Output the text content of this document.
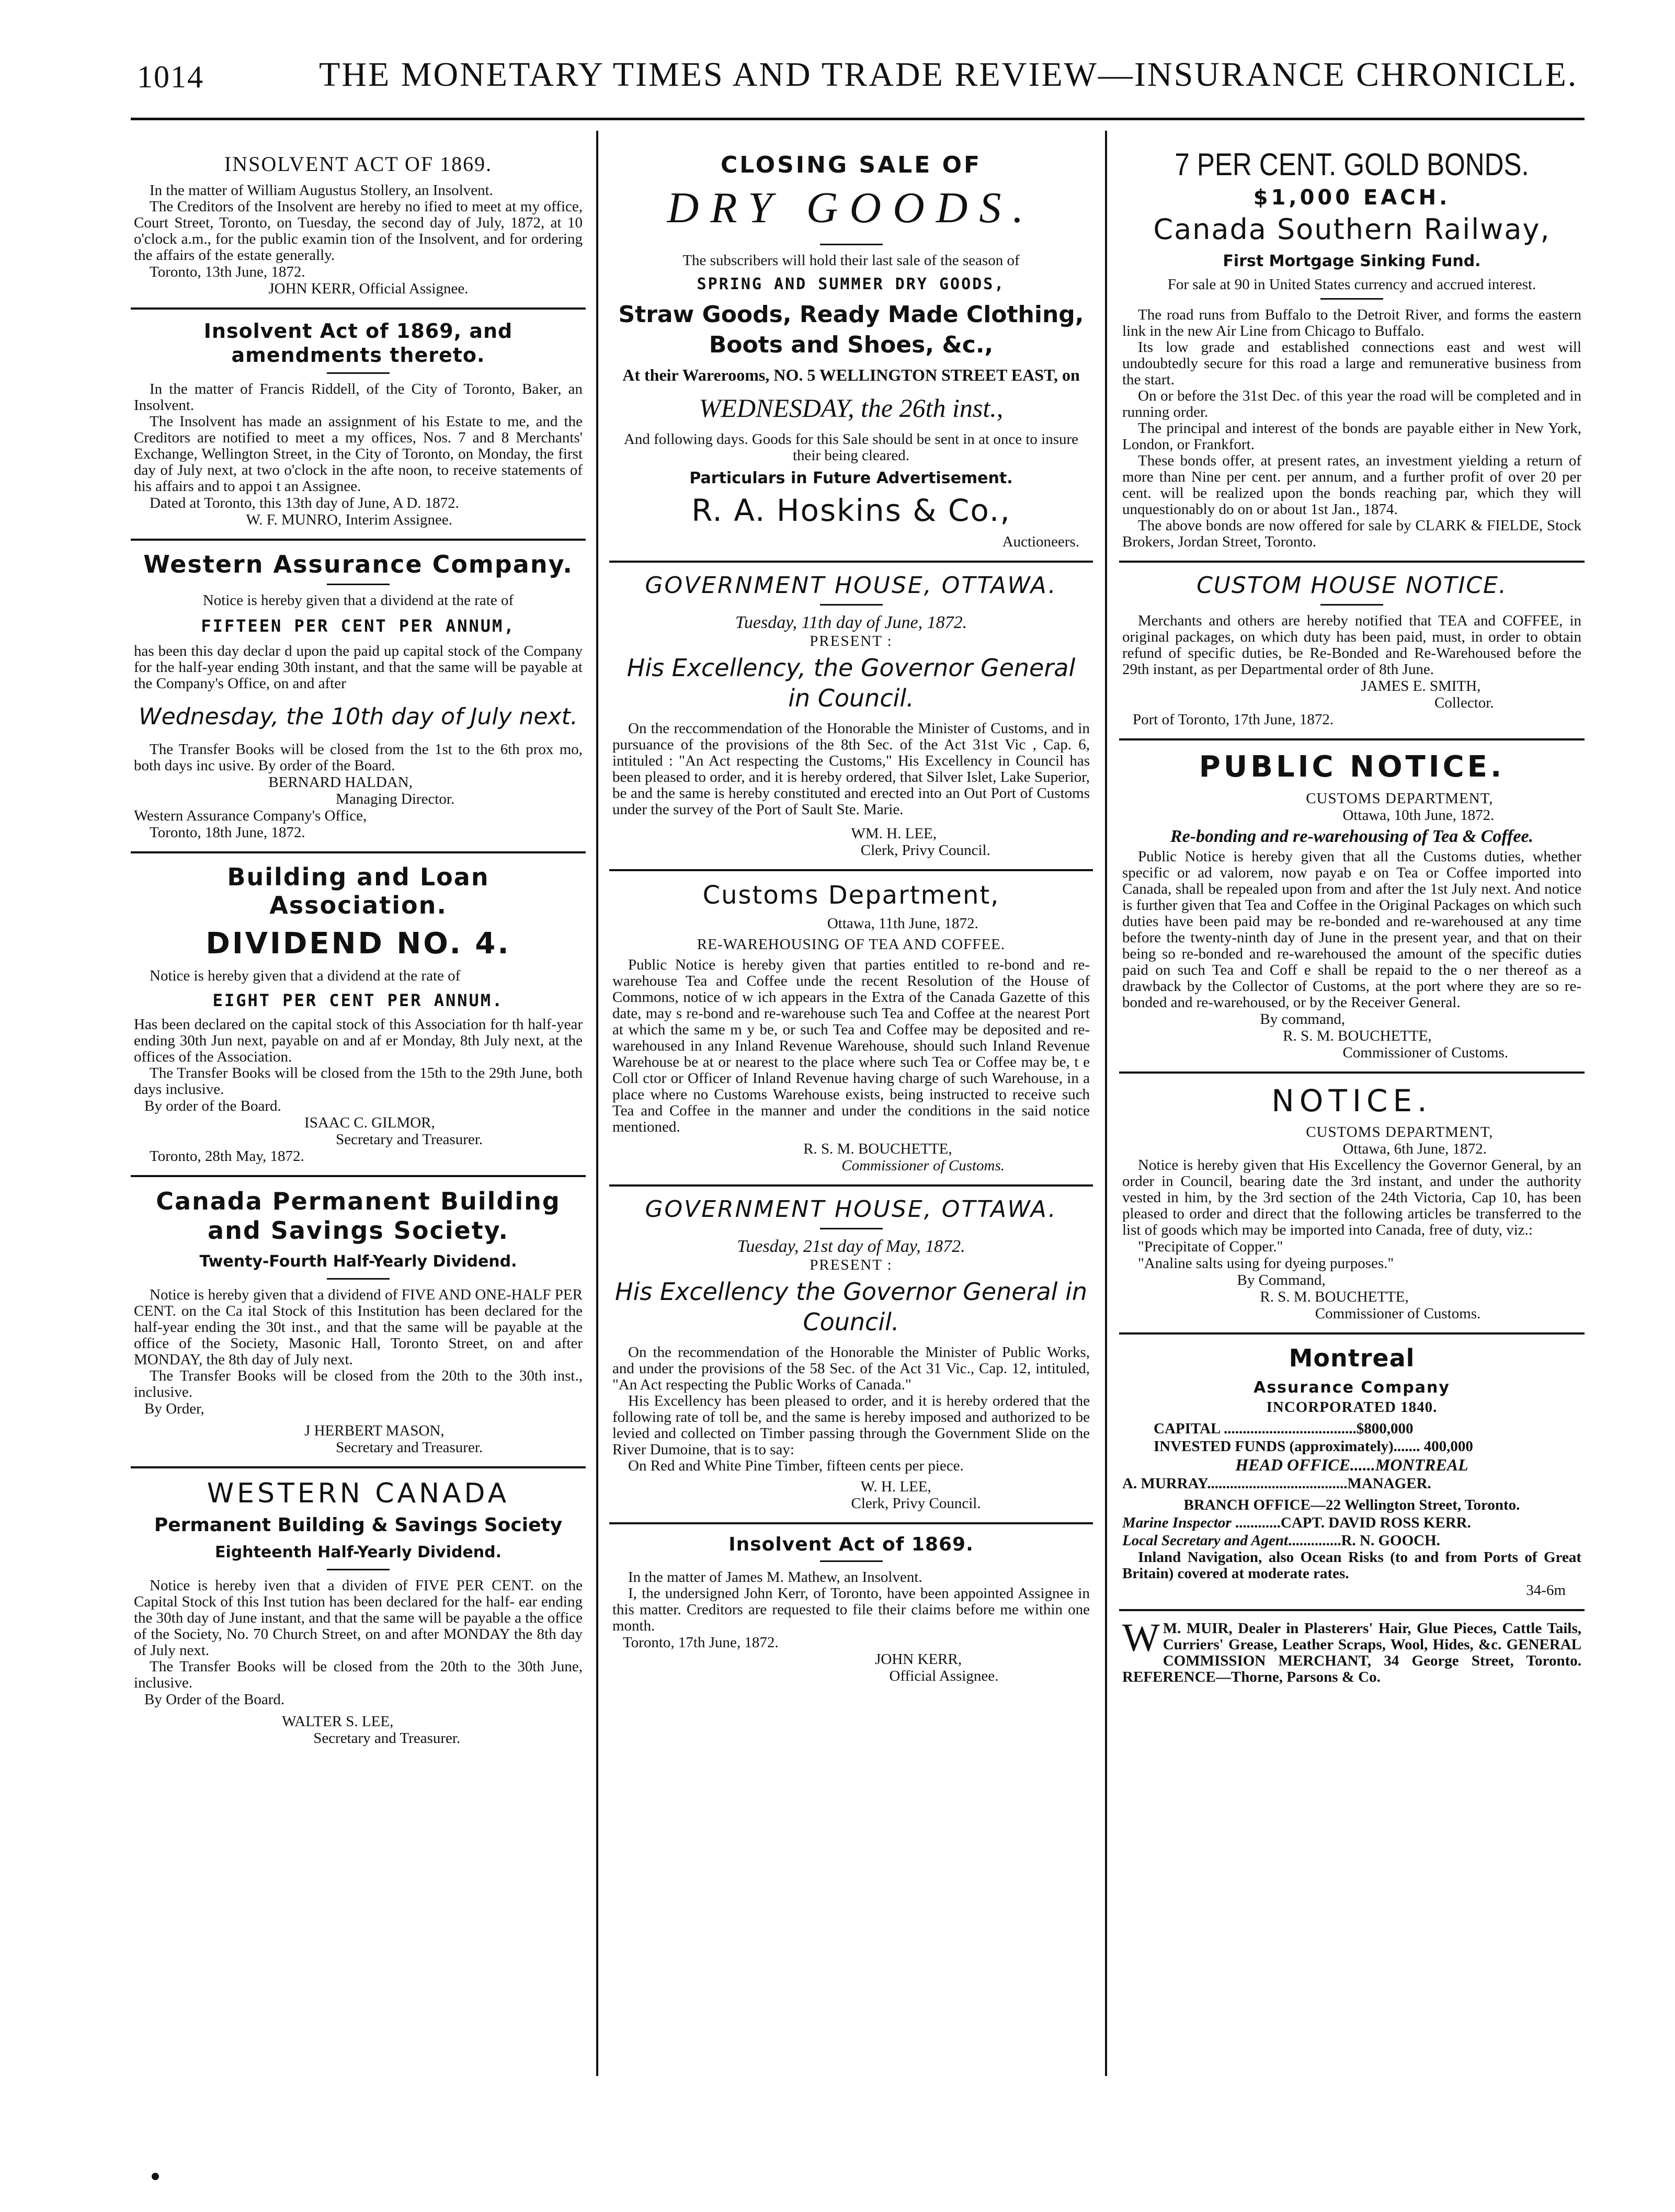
1014	THE MONETARY TIMES AND TRADE REVIEW—INSURANCE CHRONICLE.
INSOLVENT ACT OF 1869.

In the matter of William Augustus Stollery, an Insolvent.

The Creditors of the Insolvent are hereby no ified to meet at my office, Court Street, Toronto, on Tuesday, the second day of July, 1872, at 10 o'clock a.m., for the public examin tion of the Insolvent, and for ordering the affairs of the estate generally.

Toronto, 13th June, 1872.
JOHN KERR, Official Assignee.
Insolvent Act of 1869, and amendments thereto.

In the matter of Francis Riddell, of the City of Toronto, Baker, an Insolvent.

The Insolvent has made an assignment of his Estate to me, and the Creditors are notified to meet a my offices, Nos. 7 and 8 Merchants' Exchange, Wellington Street, in the City of Toronto, on Monday, the first day of July next, at two o'clock in the afte noon, to receive statements of his affairs and to appoi t an Assignee.

Dated at Toronto, this 13th day of June, A D. 1872.
W. F. MUNRO, Interim Assignee.
Western Assurance Company.

Notice is hereby given that a dividend at the rate of

FIFTEEN PER CENT PER ANNUM,

has been this day declar d upon the paid up capital stock of the Company for the half-year ending 30th instant, and that the same will be payable at the Company's Office, on and after

Wednesday, the 10th day of July next.

The Transfer Books will be closed from the 1st to the 6th prox mo, both days inc usive. By order of the Board.

BERNARD HALDAN,
Managing Director.
Western Assurance Company's Office,
Toronto, 18th June, 1872.
Building and Loan Association.
DIVIDEND NO. 4.

Notice is hereby given that a dividend at the rate of

EIGHT PER CENT PER ANNUM.

Has been declared on the capital stock of this Association for th half-year ending 30th Jun next, payable on and af er Monday, 8th July next, at the offices of the Association.

The Transfer Books will be closed from the 15th to the 29th June, both days inclusive.

By order of the Board.
ISAAC C. GILMOR,
Secretary and Treasurer.
Toronto, 28th May, 1872.
Canada Permanent Building and Savings Society.
Twenty-Fourth Half-Yearly Dividend.

Notice is hereby given that a dividend of FIVE AND ONE-HALF PER CENT. on the Ca ital Stock of this Institution has been declared for the half-year ending the 30t inst., and that the same will be payable at the office of the Society, Masonic Hall, Toronto Street, on and after MONDAY, the 8th day of July next.

The Transfer Books will be closed from the 20th to the 30th inst., inclusive.

By Order,
J HERBERT MASON,
Secretary and Treasurer.
WESTERN CANADA
Permanent Building & Savings Society
Eighteenth Half-Yearly Dividend.

Notice is hereby iven that a dividen of FIVE PER CENT. on the Capital Stock of this Inst tution has been declared for the half- ear ending the 30th day of June instant, and that the same will be payable a the office of the Society, No. 70 Church Street, on and after MONDAY the 8th day of July next.

The Transfer Books will be closed from the 20th to the 30th June, inclusive.

By Order of the Board.
WALTER S. LEE,
Secretary and Treasurer.
CLOSING SALE OF
DRY GOODS.

The subscribers will hold their last sale of the season of

SPRING AND SUMMER DRY GOODS,
Straw Goods, Ready Made Clothing, Boots and Shoes, &c.,
At their Warerooms, NO. 5 WELLINGTON STREET EAST, on
WEDNESDAY, the 26th inst.,

And following days. Goods for this Sale should be sent in at once to insure their being cleared.

Particulars in Future Advertisement.
R. A. Hoskins & Co.,
Auctioneers.
GOVERNMENT HOUSE, OTTAWA.
Tuesday, 11th day of June, 1872.
PRESENT :
His Excellency, the Governor General in Council.

On the reccommendation of the Honorable the Minister of Customs, and in pursuance of the provisions of the 8th Sec. of the Act 31st Vic , Cap. 6, intituled : "An Act respecting the Customs," His Excellency in Council has been pleased to order, and it is hereby ordered, that Silver Islet, Lake Superior, be and the same is hereby constituted and erected into an Out Port of Customs under the survey of the Port of Sault Ste. Marie.

WM. H. LEE,
Clerk, Privy Council.
Customs Department,
Ottawa, 11th June, 1872.
RE-WAREHOUSING OF TEA AND COFFEE.

Public Notice is hereby given that parties entitled to re-bond and re-warehouse Tea and Coffee unde the recent Resolution of the House of Commons, notice of w ich appears in the Extra of the Canada Gazette of this date, may s re-bond and re-warehouse such Tea and Coffee at the nearest Port at which the same m y be, or such Tea and Coffee may be deposited and re-warehoused in any Inland Revenue Warehouse, should such Inland Revenue Warehouse be at or nearest to the place where such Tea or Coffee may be, t e Coll ctor or Officer of Inland Revenue having charge of such Warehouse, in a place where no Customs Warehouse exists, being instructed to receive such Tea and Coffee in the manner and under the conditions in the said notice mentioned.

R. S. M. BOUCHETTE,
Commissioner of Customs.
GOVERNMENT HOUSE, OTTAWA.
Tuesday, 21st day of May, 1872.
PRESENT :
His Excellency the Governor General in Council.

On the recommendation of the Honorable the Minister of Public Works, and under the provisions of the 58 Sec. of the Act 31 Vic., Cap. 12, intituled, "An Act respecting the Public Works of Canada."

His Excellency has been pleased to order, and it is hereby ordered that the following rate of toll be, and the same is hereby imposed and authorized to be levied and collected on Timber passing through the Government Slide on the River Dumoine, that is to say:

On Red and White Pine Timber, fifteen cents per piece.

W. H. LEE,
Clerk, Privy Council.
Insolvent Act of 1869.

In the matter of James M. Mathew, an Insolvent.

I, the undersigned John Kerr, of Toronto, have been appointed Assignee in this matter. Creditors are requested to file their claims before me within one month.

Toronto, 17th June, 1872.
JOHN KERR,
Official Assignee.
7 PER CENT. GOLD BONDS.
$1,000 EACH.
Canada Southern Railway,
First Mortgage Sinking Fund.

For sale at 90 in United States currency and accrued interest.

The road runs from Buffalo to the Detroit River, and forms the eastern link in the new Air Line from Chicago to Buffalo.

Its low grade and established connections east and west will undoubtedly secure for this road a large and remunerative business from the start.

On or before the 31st Dec. of this year the road will be completed and in running order.

The principal and interest of the bonds are payable either in New York, London, or Frankfort.

These bonds offer, at present rates, an investment yielding a return of more than Nine per cent. per annum, and a further profit of over 20 per cent. will be realized upon the bonds reaching par, which they will unquestionably do on or about 1st Jan., 1874.

The above bonds are now offered for sale by CLARK & FIELDE, Stock Brokers, Jordan Street, Toronto.

CUSTOM HOUSE NOTICE.

Merchants and others are hereby notified that TEA and COFFEE, in original packages, on which duty has been paid, must, in order to obtain refund of specific duties, be Re-Bonded and Re-Warehoused before the 29th instant, as per Departmental order of 8th June.

JAMES E. SMITH,
Collector.
Port of Toronto, 17th June, 1872.
PUBLIC NOTICE.
CUSTOMS DEPARTMENT,
Ottawa, 10th June, 1872.
Re-bonding and re-warehousing of Tea & Coffee.

Public Notice is hereby given that all the Customs duties, whether specific or ad valorem, now payab e on Tea or Coffee imported into Canada, shall be repealed upon from and after the 1st July next. And notice is further given that Tea and Coffee in the Original Packages on which such duties have been paid may be re-bonded and re-warehoused at any time before the twenty-ninth day of June in the present year, and that on their being so re-bonded and re-warehoused the amount of the specific duties paid on such Tea and Coff e shall be repaid to the o ner thereof as a drawback by the Collector of Customs, at the port where they are so re-bonded and re-warehoused, or by the Receiver General.

By command,
R. S. M. BOUCHETTE,
Commissioner of Customs.
NOTICE.
CUSTOMS DEPARTMENT,
Ottawa, 6th June, 1872.

Notice is hereby given that His Excellency the Governor General, by an order in Council, bearing date the 3rd instant, and under the authority vested in him, by the 3rd section of the 24th Victoria, Cap 10, has been pleased to order and direct that the following articles be transferred to the list of goods which may be imported into Canada, free of duty, viz.:

"Precipitate of Copper."
"Analine salts using for dyeing purposes."
By Command,
R. S. M. BOUCHETTE,
Commissioner of Customs.
Montreal
Assurance Company
INCORPORATED 1840.
CAPITAL ...................................$800,000
INVESTED FUNDS (approximately)....... 400,000
HEAD OFFICE......MONTREAL
A. MURRAY.....................................MANAGER.
BRANCH OFFICE—22 Wellington Street, Toronto.
Marine Inspector ............CAPT. DAVID ROSS KERR.
Local Secretary and Agent..............R. N. GOOCH.

Inland Navigation, also Ocean Risks (to and from Ports of Great Britain) covered at moderate rates.

34-6m
W M. MUIR, Dealer in Plasterers' Hair, Glue Pieces, Cattle Tails, Curriers' Grease, Leather Scraps, Wool, Hides, &c. GENERAL COMMISSION MERCHANT, 34 George Street, Toronto. REFERENCE—Thorne, Parsons & Co.
